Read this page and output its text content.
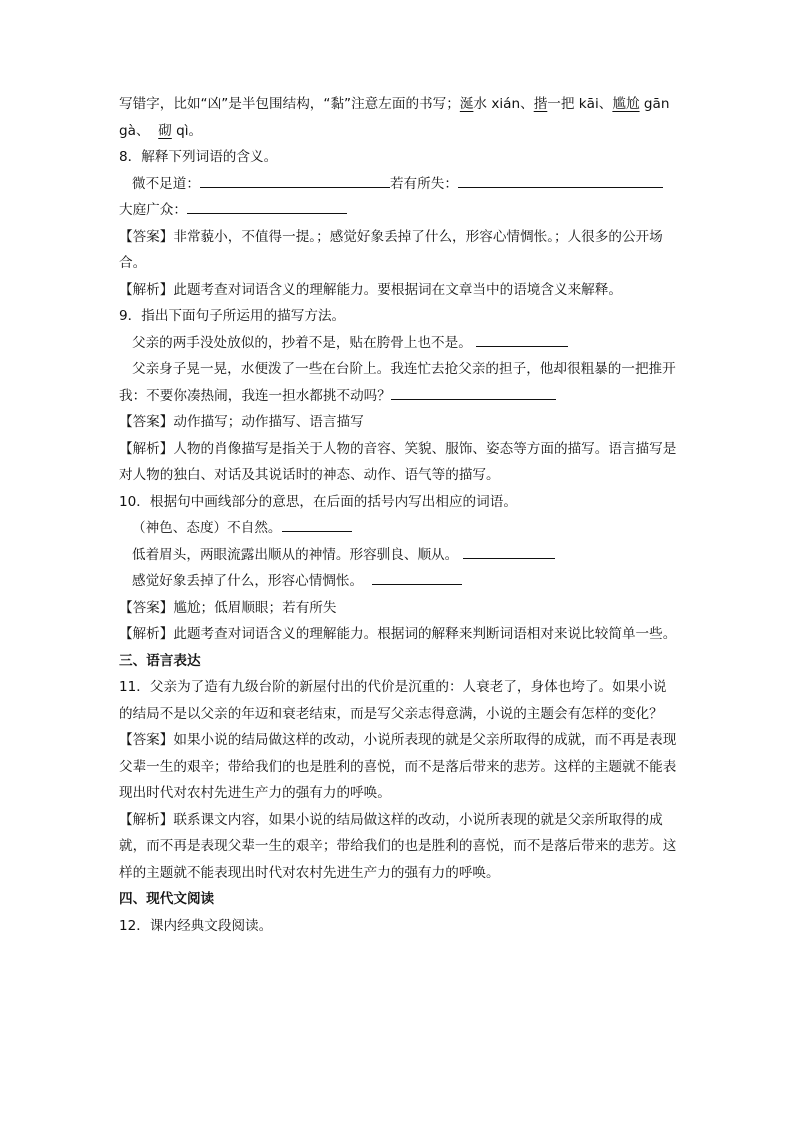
写错字，比如“凶”是半包围结构，“黏”注意左面的书写；涎水 xián、揩一把 kāi、尴尬 gān
gà、 砌 qì。

8．解释下列词语的含义。

微不足道：	若有所失：

大庭广众：

【答案】非常藐小，不值得一提。；感觉好象丢掉了什么，形容心情惆怅。；人很多的公开场合。

【解析】此题考查对词语含义的理解能力。要根据词在文章当中的语境含义来解释。

9．指出下面句子所运用的描写方法。

父亲的两手没处放似的，抄着不是，贴在胯骨上也不是。

父亲身子晃一晃，水便泼了一些在台阶上。我连忙去抢父亲的担子，他却很粗暴的一把推开我：不要你凑热闹，我连一担水都挑不动吗？

【答案】动作描写；动作描写、语言描写

【解析】人物的肖像描写是指关于人物的音容、笑貌、服饰、姿态等方面的描写。语言描写是对人物的独白、对话及其说话时的神态、动作、语气等的描写。

10．根据句中画线部分的意思，在后面的括号内写出相应的词语。

（神色、态度）不自然。

低着眉头，两眼流露出顺从的神情。形容驯良、顺从。

感觉好象丢掉了什么，形容心情惆怅。

【答案】尴尬；低眉顺眼；若有所失

【解析】此题考查对词语含义的理解能力。根据词的解释来判断词语相对来说比较简单一些。

三、语言表达

11．父亲为了造有九级台阶的新屋付出的代价是沉重的：人衰老了，身体也垮了。如果小说的结局不是以父亲的年迈和衰老结束，而是写父亲志得意满，小说的主题会有怎样的变化？

【答案】如果小说的结局做这样的改动，小说所表现的就是父亲所取得的成就，而不再是表现父辈一生的艰辛；带给我们的也是胜利的喜悦，而不是落后带来的悲芳。这样的主题就不能表现出时代对农村先进生产力的强有力的呼唤。

【解析】联系课文内容，如果小说的结局做这样的改动，小说所表现的就是父亲所取得的成就，而不再是表现父辈一生的艰辛；带给我们的也是胜利的喜悦，而不是落后带来的悲芳。这样的主题就不能表现出时代对农村先进生产力的强有力的呼唤。

四、现代文阅读

12．课内经典文段阅读。
